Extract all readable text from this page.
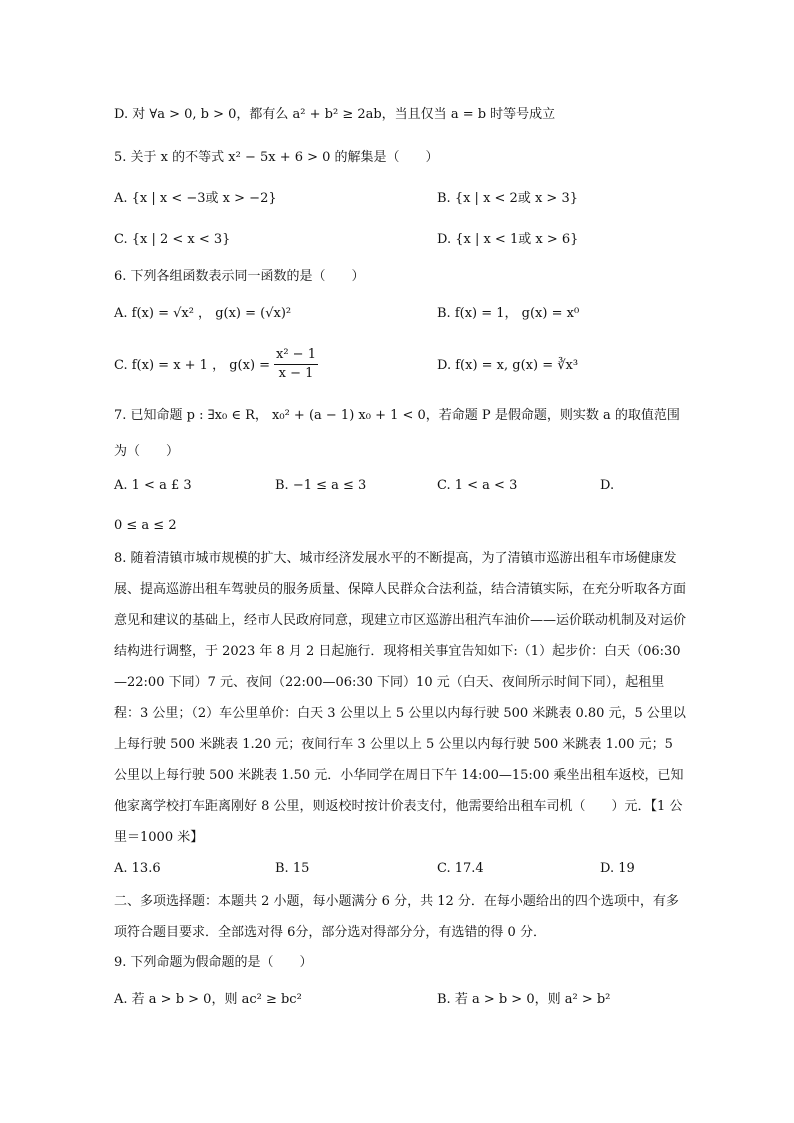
D. 对 ∀a > 0, b > 0，都有么 a² + b² ≥ 2ab，当且仅当 a = b 时等号成立
5. 关于 x 的不等式 x² − 5x + 6 > 0 的解集是（　　）
A. {x | x < −3或 x > −2}	B. {x | x < 2或 x > 3}
C. {x | 2 < x < 3}	D. {x | x < 1或 x > 6}
6. 下列各组函数表示同一函数的是（　　）
A. f(x) = √x² ， g(x) = (√x)²	B. f(x) = 1， g(x) = x⁰
C. f(x) = x + 1 ， $g(x) = \frac{\text{x² − 1}}{x - 1}$	D. f(x) = x, g(x) = ∛x³
7. 已知命题 p : ∃x₀ ∈ R， x₀² + (a − 1) x₀ + 1 < 0，若命题 P 是假命题，则实数 a 的取值范围
为（　　）
A. 1 < a £ 3	B. −1 ≤ a ≤ 3	C. 1 < a < 3	D.
0 ≤ a ≤ 2
8. 随着清镇市城市规模的扩大、城市经济发展水平的不断提高，为了清镇市巡游出租车市场健康发展、提高巡游出租车驾驶员的服务质量、保障人民群众合法利益，结合清镇实际，在充分听取各方面意见和建议的基础上，经市人民政府同意，现建立市区巡游出租汽车油价——运价联动机制及对运价结构进行调整，于 2023 年 8 月 2 日起施行．现将相关事宜告知如下:（1）起步价：白天（06:30—22:00 下同）7 元、夜间（22:00—06:30 下同）10 元（白天、夜间所示时间下同），起租里程：3 公里；（2）车公里单价：白天 3 公里以上 5 公里以内每行驶 500 米跳表 0.80 元，5 公里以上每行驶 500 米跳表 1.20 元；夜间行车 3 公里以上 5 公里以内每行驶 500 米跳表 1.00 元；5 公里以上每行驶 500 米跳表 1.50 元．小华同学在周日下午 14:00—15:00 乘坐出租车返校，已知他家离学校打车距离刚好 8 公里，则返校时按计价表支付，他需要给出租车司机（　　）元．【1 公里＝1000 米】
A. 13.6	B. 15	C. 17.4	D. 19
二、多项选择题：本题共 2 小题，每小题满分 6 分，共 12 分．在每小题给出的四个选项中，有多项符合题目要求．全部选对得 6分，部分选对得部分分，有选错的得 0 分．
9. 下列命题为假命题的是（　　）
A. 若 a > b > 0，则 ac² ≥ bc²	B. 若 a > b > 0，则 a² > b²
